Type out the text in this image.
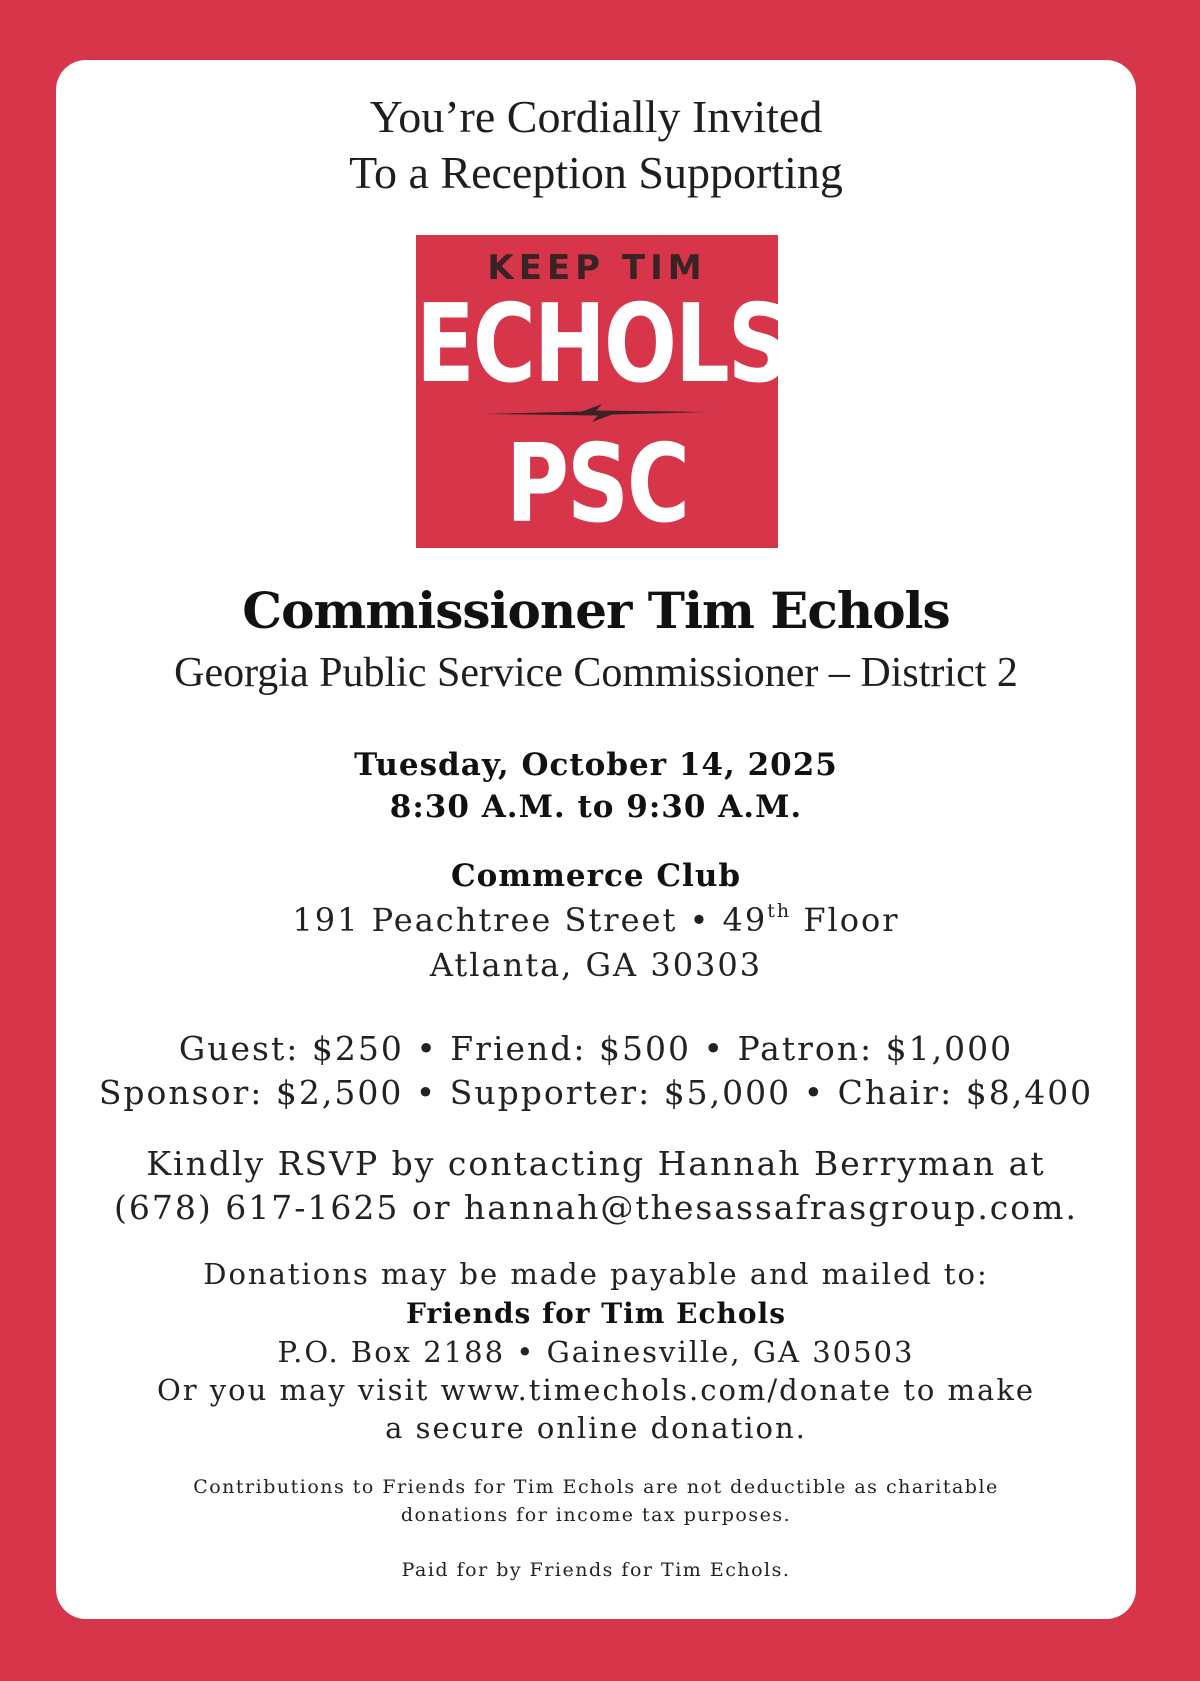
You’re Cordially Invited
To a Reception Supporting
KEEP TIM
ECHOLS
PSC
Commissioner Tim Echols
Georgia Public Service Commissioner – District 2
Tuesday, October 14, 2025
8:30 A.M. to 9:30 A.M.
Commerce Club
191 Peachtree Street • 49th Floor
Atlanta, GA 30303
Guest: $250 • Friend: $500 • Patron: $1,000
Sponsor: $2,500 • Supporter: $5,000 • Chair: $8,400
Kindly RSVP by contacting Hannah Berryman at
(678) 617-1625 or hannah@thesassafrasgroup.com.
Donations may be made payable and mailed to:
Friends for Tim Echols
P.O. Box 2188 • Gainesville, GA 30503
Or you may visit www.timechols.com/donate to make
a secure online donation.
Contributions to Friends for Tim Echols are not deductible as charitable
donations for income tax purposes.
Paid for by Friends for Tim Echols.
